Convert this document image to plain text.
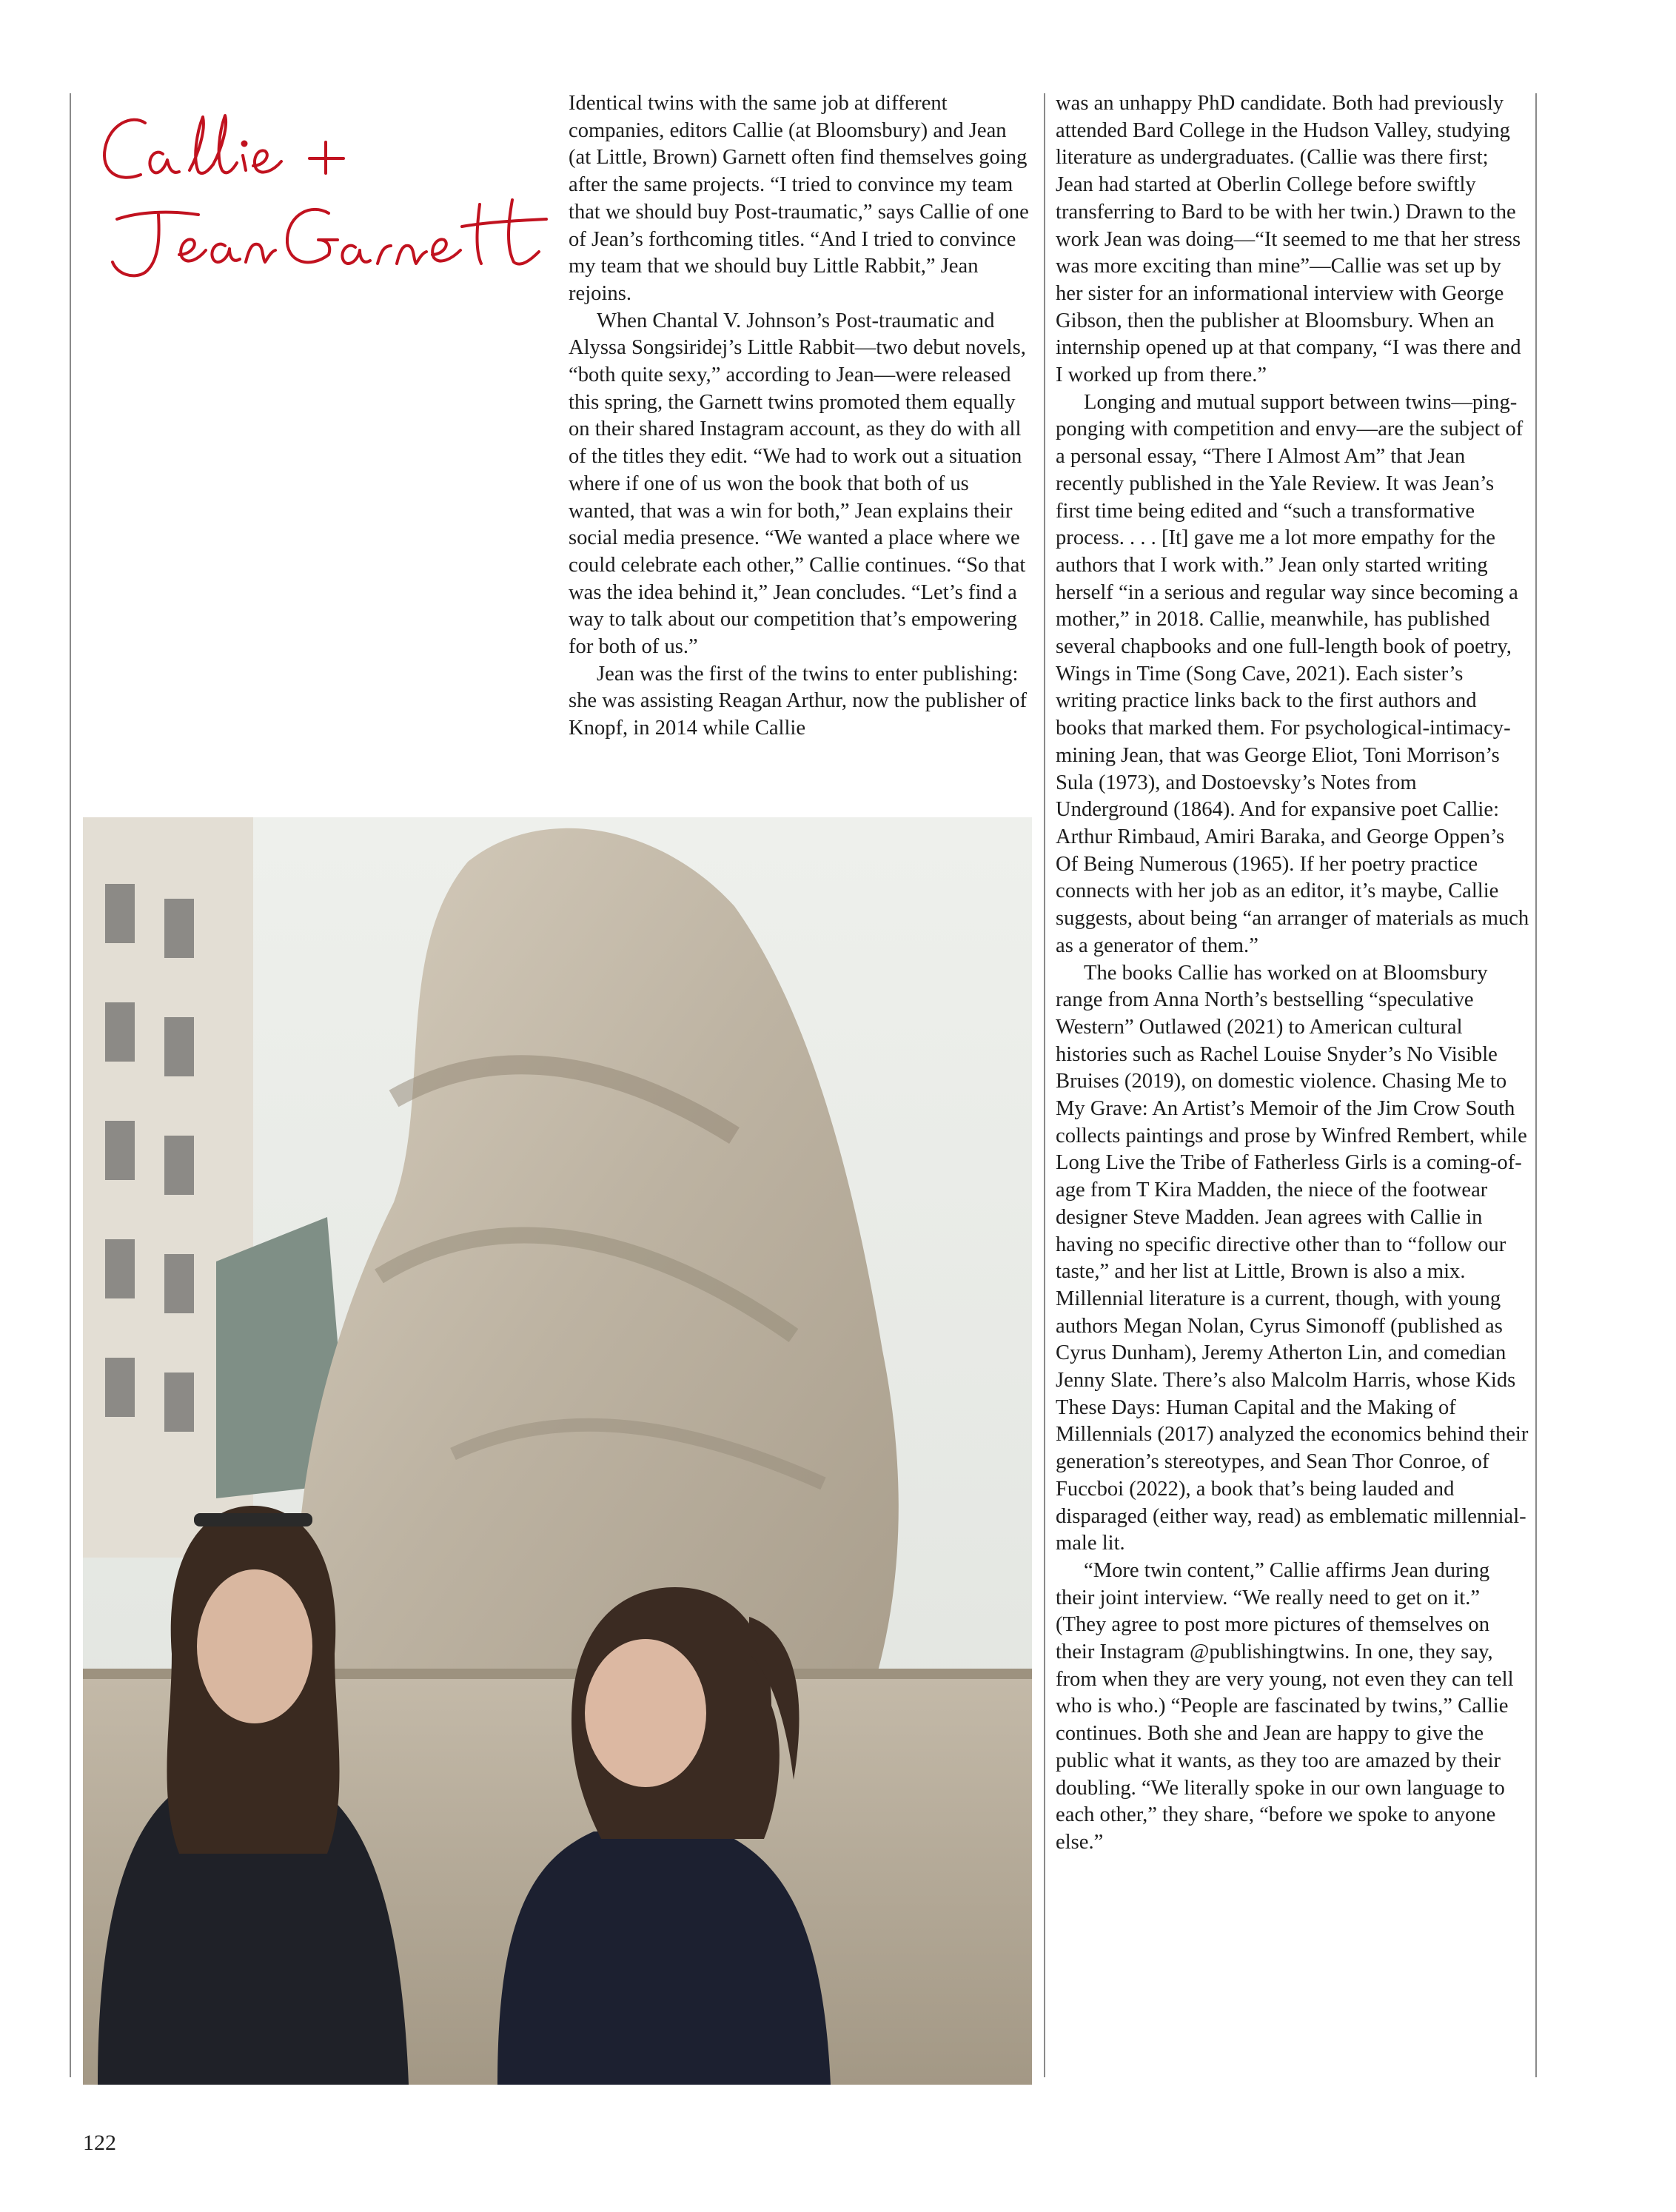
Identical twins with the same job at different companies, editors Callie (at Bloomsbury) and Jean (at Little, Brown) Garnett often find themselves going after the same projects. “I tried to convince my team that we should buy Post-traumatic,” says Callie of one of Jean’s forthcoming titles. “And I tried to convince my team that we should buy Little Rabbit,” Jean rejoins.

When Chantal V. Johnson’s Post-traumatic and Alyssa Songsiridej’s Little Rabbit—two debut novels, “both quite sexy,” according to Jean—were released this spring, the Garnett twins promoted them equally on their shared Instagram account, as they do with all of the titles they edit. “We had to work out a situation where if one of us won the book that both of us wanted, that was a win for both,” Jean explains their social media presence. “We wanted a place where we could celebrate each other,” Callie continues. “So that was the idea behind it,” Jean concludes. “Let’s find a way to talk about our competition that’s empowering for both of us.”

Jean was the first of the twins to enter publishing: she was assisting Reagan Arthur, now the publisher of Knopf, in 2014 while Callie

was an unhappy PhD candidate. Both had previously attended Bard College in the Hudson Valley, studying literature as undergraduates. (Callie was there first; Jean had started at Oberlin College before swiftly transferring to Bard to be with her twin.) Drawn to the work Jean was doing—“It seemed to me that her stress was more exciting than mine”—Callie was set up by her sister for an informational interview with George Gibson, then the publisher at Bloomsbury. When an internship opened up at that company, “I was there and I worked up from there.”

Longing and mutual support between twins—ping-ponging with competition and envy—are the subject of a personal essay, “There I Almost Am” that Jean recently published in the Yale Review. It was Jean’s first time being edited and “such a transformative process. . . . [It] gave me a lot more empathy for the authors that I work with.” Jean only started writing herself “in a serious and regular way since becoming a mother,” in 2018. Callie, meanwhile, has published several chapbooks and one full-length book of poetry, Wings in Time (Song Cave, 2021). Each sister’s writing practice links back to the first authors and books that marked them. For psychological-intimacy-mining Jean, that was George Eliot, Toni Morrison’s Sula (1973), and Dostoevsky’s Notes from Underground (1864). And for expansive poet Callie: Arthur Rimbaud, Amiri Baraka, and George Oppen’s Of Being Numerous (1965). If her poetry practice connects with her job as an editor, it’s maybe, Callie suggests, about being “an arranger of materials as much as a generator of them.”

The books Callie has worked on at Bloomsbury range from Anna North’s bestselling “speculative Western” Outlawed (2021) to American cultural histories such as Rachel Louise Snyder’s No Visible Bruises (2019), on domestic violence. Chasing Me to My Grave: An Artist’s Memoir of the Jim Crow South collects paintings and prose by Winfred Rembert, while Long Live the Tribe of Fatherless Girls is a coming-of-age from T Kira Madden, the niece of the footwear designer Steve Madden. Jean agrees with Callie in having no specific directive other than to “follow our taste,” and her list at Little, Brown is also a mix. Millennial literature is a current, though, with young authors Megan Nolan, Cyrus Simonoff (published as Cyrus Dunham), Jeremy Atherton Lin, and comedian Jenny Slate. There’s also Malcolm Harris, whose Kids These Days: Human Capital and the Making of Millennials (2017) analyzed the economics behind their generation’s stereotypes, and Sean Thor Conroe, of Fuccboi (2022), a book that’s being lauded and disparaged (either way, read) as emblematic millennial-male lit.

“More twin content,” Callie affirms Jean during their joint interview. “We really need to get on it.” (They agree to post more pictures of themselves on their Instagram @publishingtwins. In one, they say, from when they are very young, not even they can tell who is who.) “People are fascinated by twins,” Callie continues. Both she and Jean are happy to give the public what it wants, as they too are amazed by their doubling. “We literally spoke in our own language to each other,” they share, “before we spoke to anyone else.”

122
